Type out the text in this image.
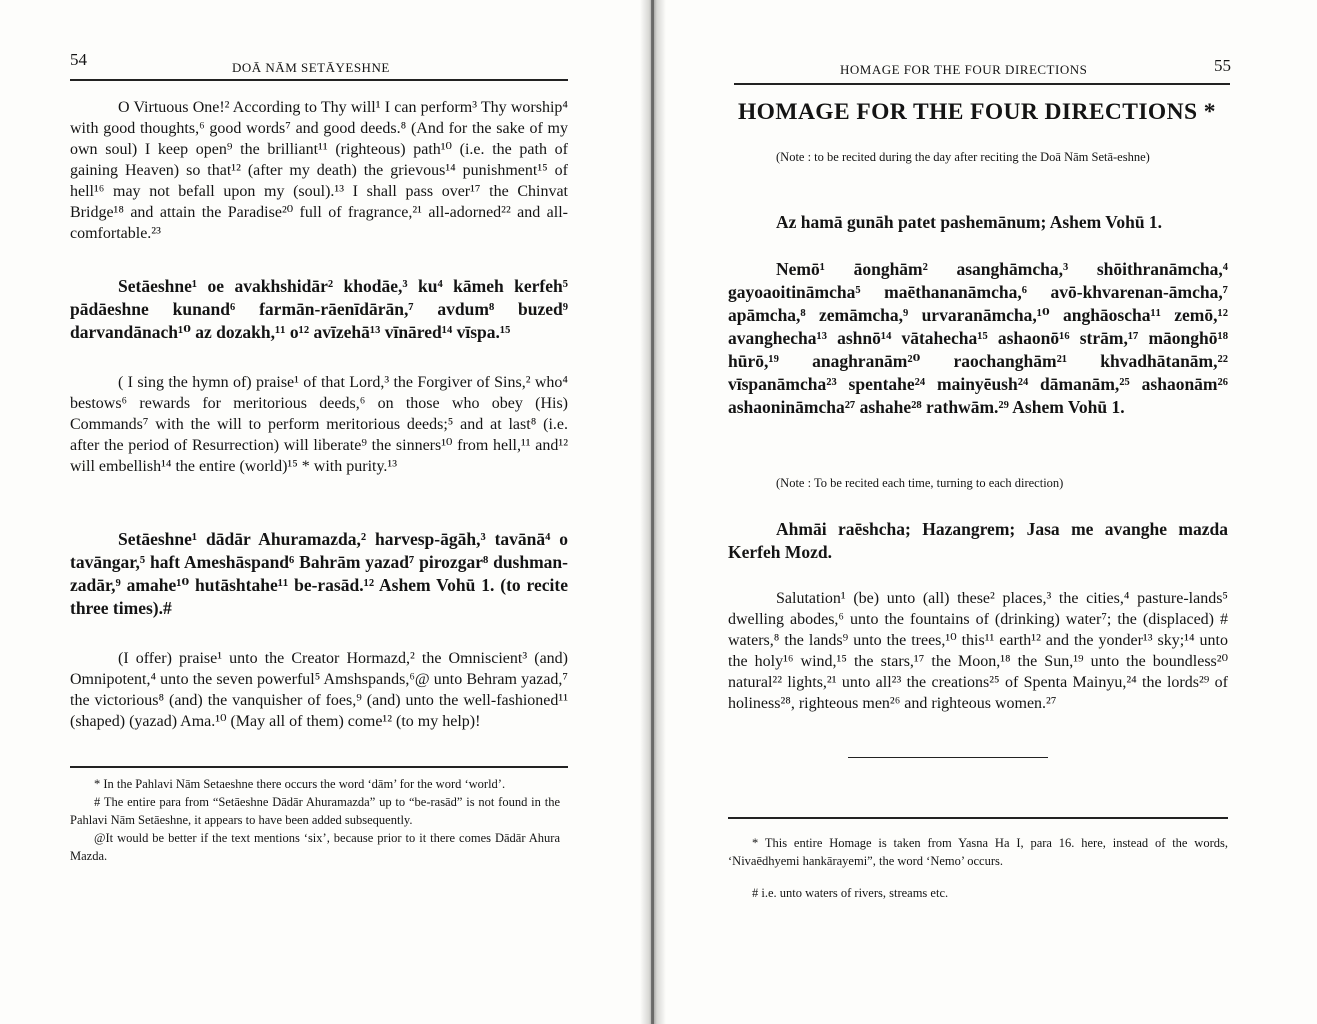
54	DOĀ NĀM SETĀYESHNE

O Virtuous One!² According to Thy will¹ I can perform³ Thy worship⁴ with good thoughts,⁶ good words⁷ and good deeds.⁸ (And for the sake of my own soul) I keep open⁹ the brilliant¹¹ (righteous) path¹⁰ (i.e. the path of gaining Heaven) so that¹² (after my death) the grievous¹⁴ punishment¹⁵ of hell¹⁶ may not befall upon my (soul).¹³ I shall pass over¹⁷ the Chinvat Bridge¹⁸ and attain the Paradise²⁰ full of fragrance,²¹ all-adorned²² and all-comfortable.²³

Setāeshne¹ oe avakhshidār² khodāe,³ ku⁴ kāmeh kerfeh⁵ pādāeshne kunand⁶ farmān-rāenīdārān,⁷ avdum⁸ buzed⁹ darvandānach¹⁰ az dozakh,¹¹ o¹² avīzehā¹³ vīnāred¹⁴ vīspa.¹⁵

( I sing the hymn of) praise¹ of that Lord,³ the Forgiver of Sins,² who⁴ bestows⁶ rewards for meritorious deeds,⁶ on those who obey (His) Commands⁷ with the will to perform meritorious deeds;⁵ and at last⁸ (i.e. after the period of Resurrection) will liberate⁹ the sinners¹⁰ from hell,¹¹ and¹² will embellish¹⁴ the entire (world)¹⁵ * with purity.¹³

Setāeshne¹ dādār Ahuramazda,² harvesp-āgāh,³ tavānā⁴ o tavāngar,⁵ haft Ameshāspand⁶ Bahrām yazad⁷ pirozgar⁸ dushman-zadār,⁹ amahe¹⁰ hutāshtahe¹¹ be-rasād.¹² Ashem Vohū 1. (to recite three times).#

(I offer) praise¹ unto the Creator Hormazd,² the Omniscient³ (and) Omnipotent,⁴ unto the seven powerful⁵ Amshspands,⁶@ unto Behram yazad,⁷ the victorious⁸ (and) the vanquisher of foes,⁹ (and) unto the well-fashioned¹¹ (shaped) (yazad) Ama.¹⁰ (May all of them) come¹² (to my help)!

* In the Pahlavi Nām Setaeshne there occurs the word ‘dām’ for the word ‘world’.

# The entire para from “Setāeshne Dādār Ahuramazda” up to “be-rasād” is not found in the Pahlavi Nām Setāeshne, it appears to have been added subsequently.

@It would be better if the text mentions ‘six’, because prior to it there comes Dādār Ahura Mazda.

HOMAGE FOR THE FOUR DIRECTIONS	55

HOMAGE FOR THE FOUR DIRECTIONS *

(Note : to be recited during the day after reciting the Doā Nām Setā-eshne)

Az hamā gunāh patet pashemānum; Ashem Vohū 1.

Nemō¹ āonghām² asanghāmcha,³ shōithranāmcha,⁴ gayoaoitināmcha⁵ maēthananāmcha,⁶ avō-khvarenan-āmcha,⁷ apāmcha,⁸ zemāmcha,⁹ urvaranāmcha,¹⁰ anghāoscha¹¹ zemō,¹² avanghecha¹³ ashnō¹⁴ vātahecha¹⁵ ashaonō¹⁶ strām,¹⁷ māonghō¹⁸ hūrō,¹⁹ anaghranām²⁰ raochanghām²¹ khvadhātanām,²² vīspanāmcha²³ spentahe²⁴ mainyēush²⁴ dāmanām,²⁵ ashaonām²⁶ ashaonināmcha²⁷ ashahe²⁸ rathwām.²⁹ Ashem Vohū 1.

(Note : To be recited each time, turning to each direction)

Ahmāi raēshcha; Hazangrem; Jasa me avanghe mazda Kerfeh Mozd.

Salutation¹ (be) unto (all) these² places,³ the cities,⁴ pasture-lands⁵ dwelling abodes,⁶ unto the fountains of (drinking) water⁷; the (displaced) # waters,⁸ the lands⁹ unto the trees,¹⁰ this¹¹ earth¹² and the yonder¹³ sky;¹⁴ unto the holy¹⁶ wind,¹⁵ the stars,¹⁷ the Moon,¹⁸ the Sun,¹⁹ unto the boundless²⁰ natural²² lights,²¹ unto all²³ the creations²⁵ of Spenta Mainyu,²⁴ the lords²⁹ of holiness²⁸, righteous men²⁶ and righteous women.²⁷

* This entire Homage is taken from Yasna Ha I, para 16. here, instead of the words, ‘Nivaēdhyemi hankārayemi”, the word ‘Nemo’ occurs.

# i.e. unto waters of rivers, streams etc.
